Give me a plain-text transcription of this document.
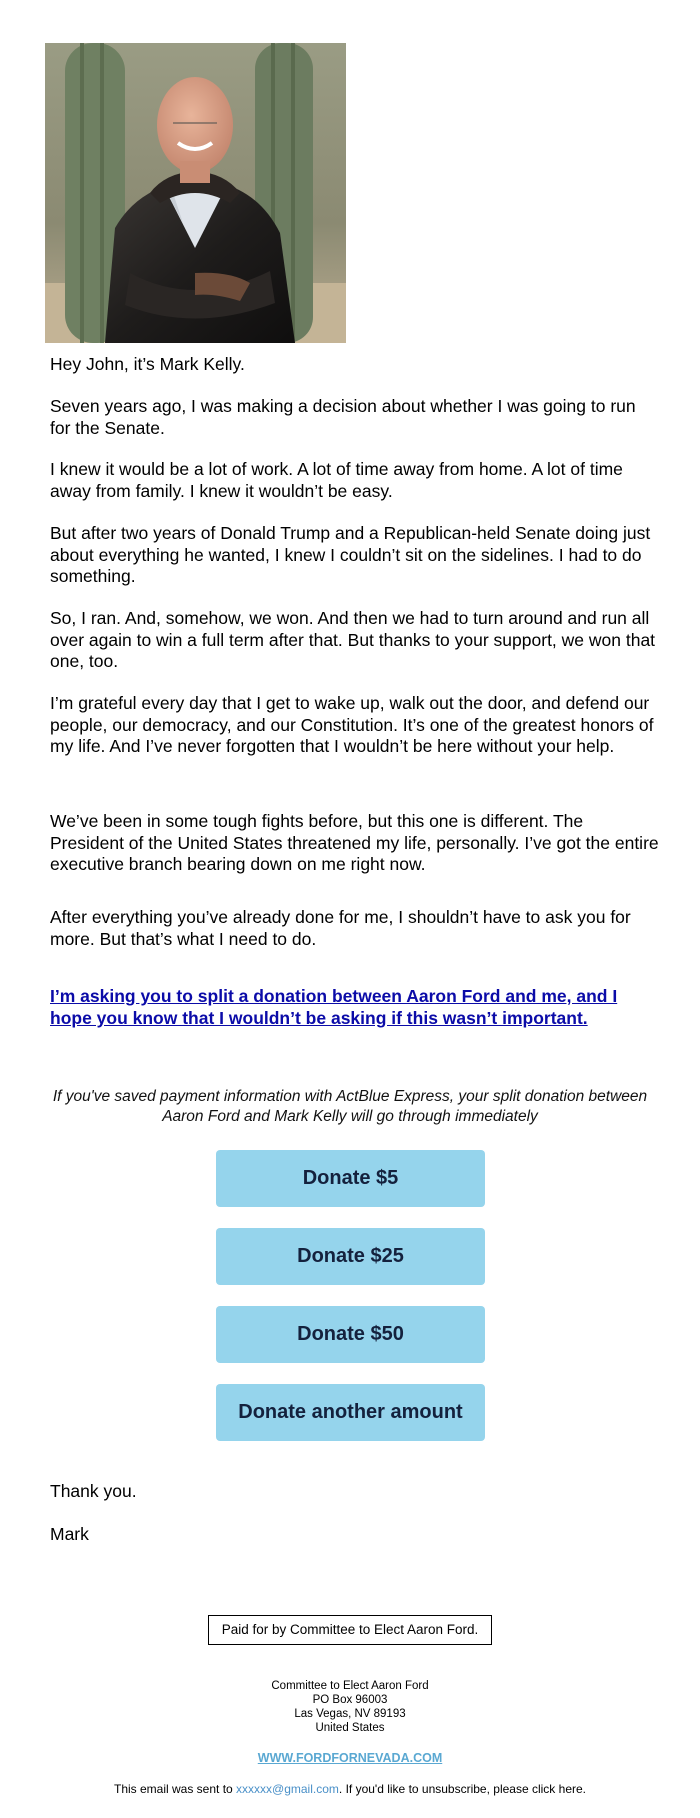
Hey John, it’s Mark Kelly.
Seven years ago, I was making a decision about whether I was going to run for the Senate.
I knew it would be a lot of work. A lot of time away from home. A lot of time away from family. I knew it wouldn’t be easy.
But after two years of Donald Trump and a Republican-held Senate doing just about everything he wanted, I knew I couldn’t sit on the sidelines. I had to do something.
So, I ran. And, somehow, we won. And then we had to turn around and run all over again to win a full term after that. But thanks to your support, we won that one, too.
I’m grateful every day that I get to wake up, walk out the door, and defend our people, our democracy, and our Constitution. It’s one of the greatest honors of my life. And I’ve never forgotten that I wouldn’t be here without your help.
We’ve been in some tough fights before, but this one is different. The President of the United States threatened my life, personally. I’ve got the entire executive branch bearing down on me right now.
After everything you’ve already done for me, I shouldn’t have to ask you for more. But that’s what I need to do.
I’m asking you to split a donation between Aaron Ford and me, and I hope you know that I wouldn’t be asking if this wasn’t important.
If you've saved payment information with ActBlue Express, your split donation between Aaron Ford and Mark Kelly will go through immediately
Donate $5
Donate $25
Donate $50
Donate another amount
Thank you.
Mark
Paid for by Committee to Elect Aaron Ford.
Committee to Elect Aaron Ford
PO Box 96003
Las Vegas, NV 89193
United States
WWW.FORDFORNEVADA.COM
This email was sent to xxxxxx@gmail.com. If you'd like to unsubscribe, please click here.
